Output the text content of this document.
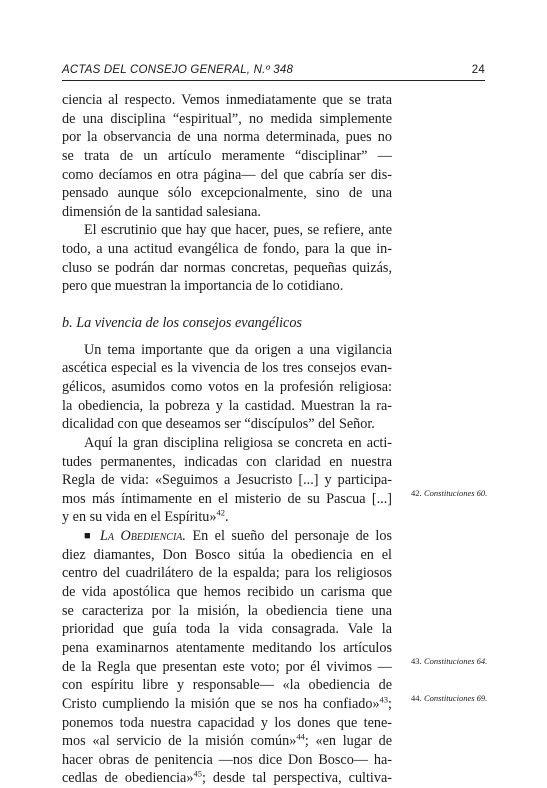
ACTAS DEL CONSEJO GENERAL, N.º 348	24
ciencia al respecto. Vemos inmediatamente que se trata
de una disciplina “espiritual”, no medida simplemente
por la observancia de una norma determinada, pues no
se trata de un artículo meramente “disciplinar” —
como decíamos en otra página— del que cabría ser dis-
pensado aunque sólo excepcionalmente, sino de una
dimensión de la santidad salesiana.
El escrutinio que hay que hacer, pues, se refiere, ante
todo, a una actitud evangélica de fondo, para la que in-
cluso se podrán dar normas concretas, pequeñas quizás,
pero que muestran la importancia de lo cotidiano.
b. La vivencia de los consejos evangélicos
Un tema importante que da origen a una vigilancia
ascética especial es la vivencia de los tres consejos evan-
gélicos, asumidos como votos en la profesión religiosa:
la obediencia, la pobreza y la castidad. Muestran la ra-
dicalidad con que deseamos ser “discípulos” del Señor.
Aquí la gran disciplina religiosa se concreta en acti-
tudes permanentes, indicadas con claridad en nuestra
Regla de vida: «Seguimos a Jesucristo [...] y participa-
mos más íntimamente en el misterio de su Pascua [...]
y en su vida en el Espíritu»$^{42}$.
■ La Obediencia. En el sueño del personaje de los
diez diamantes, Don Bosco sitúa la obediencia en el
centro del cuadrilátero de la espalda; para los religiosos
de vida apostólica que hemos recibido un carisma que
se caracteriza por la misión, la obediencia tiene una
prioridad que guía toda la vida consagrada. Vale la
pena examinarnos atentamente meditando los artículos
de la Regla que presentan este voto; por él vivimos —
con espíritu libre y responsable— «la obediencia de
Cristo cumpliendo la misión que se nos ha confiado»$^{43}$;
ponemos toda nuestra capacidad y los dones que tene-
mos «al servicio de la misión común»$^{44}$; «en lugar de
hacer obras de penitencia —nos dice Don Bosco— ha-
cedlas de obediencia»$^{45}$; desde tal perspectiva, cultiva-
42. Constituciones 60.
43. Constituciones 64.
44. Constituciones 69.
